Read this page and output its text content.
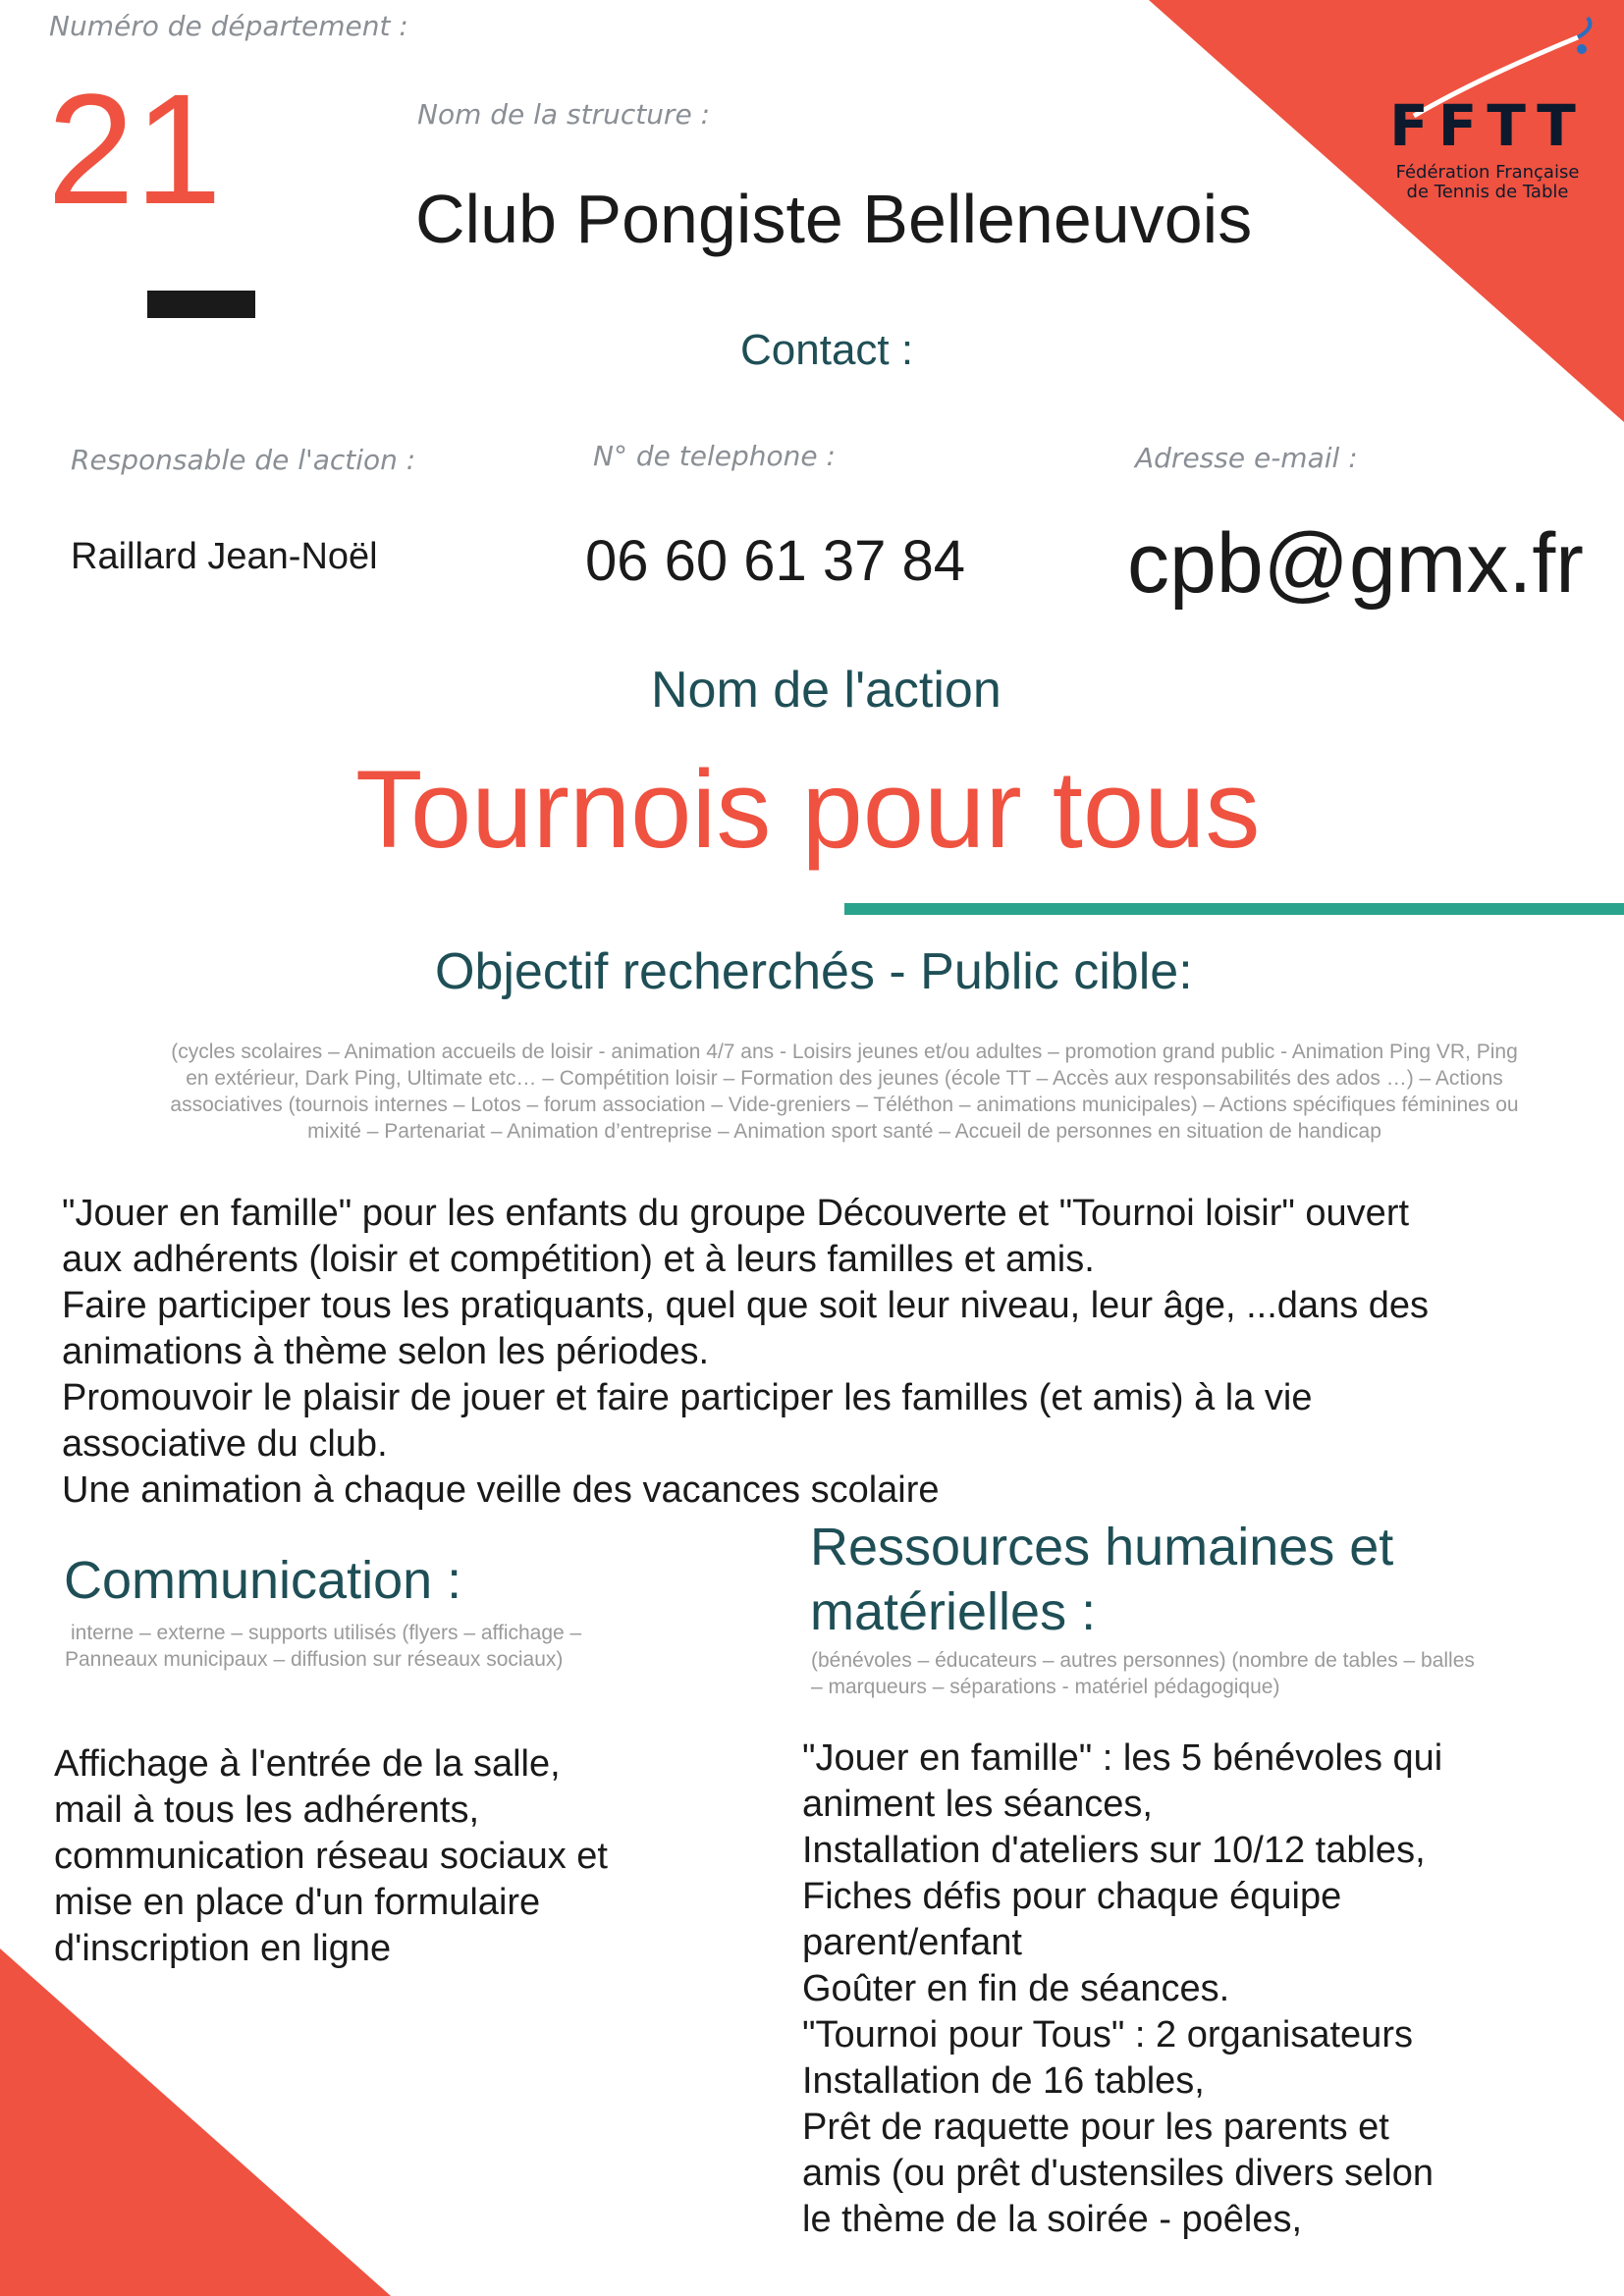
FFTT
Fédération Française
de Tennis de Table
Numéro de département :
21	Nom de la structure :
Club Pongiste Belleneuvois
Contact :
Responsable de l'action :
Raillard Jean-Noël
N° de telephone :
06 60 61 37 84
Adresse e-mail :
cpb@gmx.fr
Nom de l'action
Tournois pour tous
Objectif recherchés - Public cible:
(cycles scolaires – Animation accueils de loisir - animation 4/7 ans - Loisirs jeunes et/ou adultes – promotion grand public - Animation Ping VR, Ping en extérieur, Dark Ping, Ultimate etc… – Compétition loisir – Formation des jeunes (école TT – Accès aux responsabilités des ados …) – Actions associatives (tournois internes – Lotos – forum association – Vide-greniers – Téléthon – animations municipales) – Actions spécifiques féminines ou mixité – Partenariat – Animation d’entreprise – Animation sport santé – Accueil de personnes en situation de handicap
"Jouer en famille" pour les enfants du groupe Découverte et "Tournoi loisir" ouvert
aux adhérents (loisir et compétition) et à leurs familles et amis.
Faire participer tous les pratiquants, quel que soit leur niveau, leur âge, ...dans des
animations à thème selon les périodes.
Promouvoir le plaisir de jouer et faire participer les familles (et amis) à la vie
associative du club.
Une animation à chaque veille des vacances scolaire
Communication :
interne – externe – supports utilisés (flyers – affichage –
Panneaux municipaux – diffusion sur réseaux sociaux)
Affichage à l'entrée de la salle,
mail à tous les adhérents,
communication réseau sociaux et
mise en place d'un formulaire
d'inscription en ligne
Ressources humaines et
matérielles :
(bénévoles – éducateurs – autres personnes) (nombre de tables – balles
– marqueurs – séparations - matériel pédagogique)
"Jouer en famille" : les 5 bénévoles qui
animent les séances,
Installation d'ateliers sur 10/12 tables,
Fiches défis pour chaque équipe
parent/enfant
Goûter en fin de séances.
"Tournoi pour Tous" : 2 organisateurs
Installation de 16 tables,
Prêt de raquette pour les parents et
amis (ou prêt d'ustensiles divers selon
le thème de la soirée - poêles,
